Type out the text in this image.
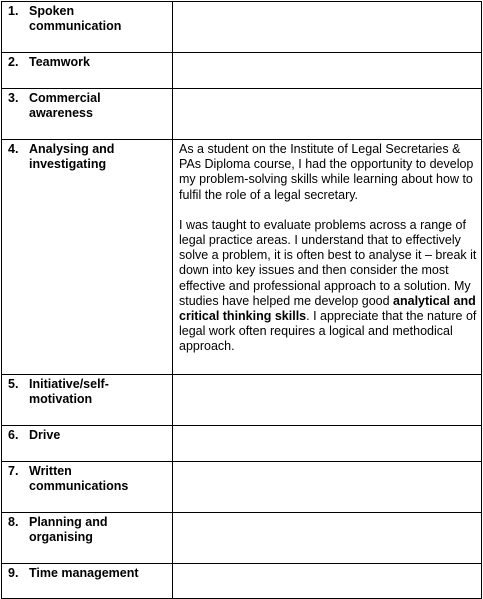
1. Spoken communication	
2. Teamwork	
3. Commercial awareness	
4. Analysing and investigating	As a student on the Institute of Legal Secretaries & PAs Diploma course, I had the opportunity to develop my problem-solving skills while learning about how to fulfil the role of a legal secretary.

I was taught to evaluate problems across a range of legal practice areas. I understand that to effectively solve a problem, it is often best to analyse it – break it down into key issues and then consider the most effective and professional approach to a solution. My studies have helped me develop good analytical and critical thinking skills. I appreciate that the nature of legal work often requires a logical and methodical approach.

5. Initiative/self-motivation	
6. Drive	
7. Written communications	
8. Planning and organising	
9. Time management	
